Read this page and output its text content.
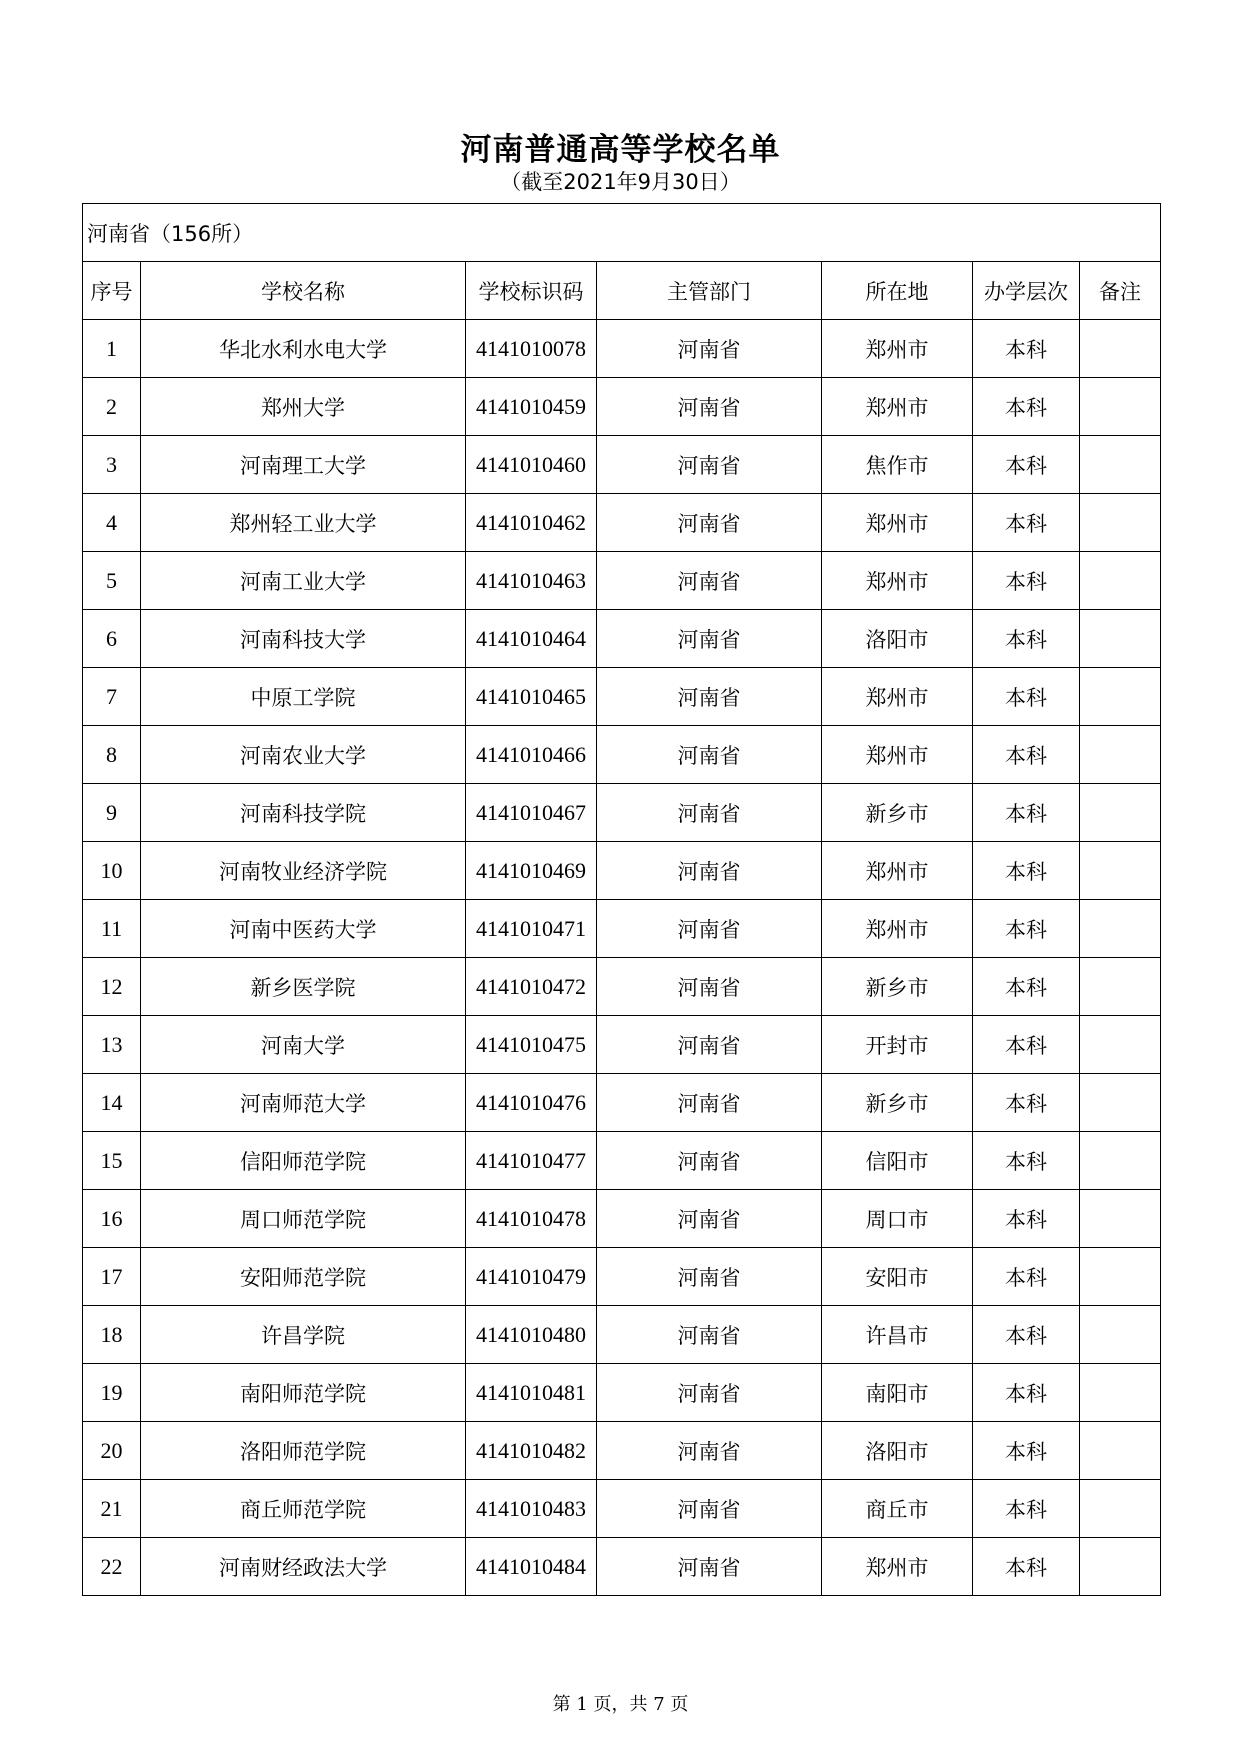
河南普通高等学校名单
（截至2021年9月30日）
河南省（156所）						
序号	学校名称	学校标识码	主管部门	所在地	办学层次	备注
1	华北水利水电大学	4141010078	河南省	郑州市	本科	
2	郑州大学	4141010459	河南省	郑州市	本科	
3	河南理工大学	4141010460	河南省	焦作市	本科	
4	郑州轻工业大学	4141010462	河南省	郑州市	本科	
5	河南工业大学	4141010463	河南省	郑州市	本科	
6	河南科技大学	4141010464	河南省	洛阳市	本科	
7	中原工学院	4141010465	河南省	郑州市	本科	
8	河南农业大学	4141010466	河南省	郑州市	本科	
9	河南科技学院	4141010467	河南省	新乡市	本科	
10	河南牧业经济学院	4141010469	河南省	郑州市	本科	
11	河南中医药大学	4141010471	河南省	郑州市	本科	
12	新乡医学院	4141010472	河南省	新乡市	本科	
13	河南大学	4141010475	河南省	开封市	本科	
14	河南师范大学	4141010476	河南省	新乡市	本科	
15	信阳师范学院	4141010477	河南省	信阳市	本科	
16	周口师范学院	4141010478	河南省	周口市	本科	
17	安阳师范学院	4141010479	河南省	安阳市	本科	
18	许昌学院	4141010480	河南省	许昌市	本科	
19	南阳师范学院	4141010481	河南省	南阳市	本科	
20	洛阳师范学院	4141010482	河南省	洛阳市	本科	
21	商丘师范学院	4141010483	河南省	商丘市	本科	
22	河南财经政法大学	4141010484	河南省	郑州市	本科	
第 1 页，共 7 页
